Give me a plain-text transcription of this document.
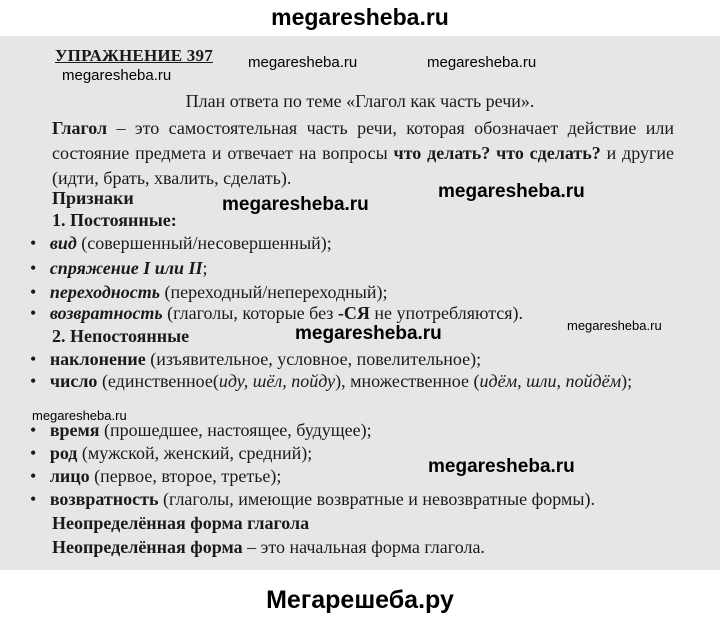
megaresheba.ru
УПРАЖНЕНИЕ 397 megaresheba.ru	megaresheba.ru
megaresheba.ru
План ответа по теме «Глагол как часть речи».
Глагол – это самостоятельная часть речи, которая обозначает действие или состояние предмета и отвечает на вопросы что делать? что сделать? и другие (идти, брать, хвалить, сделать).
Признаки	megaresheba.ru
megaresheba.ru
1. Постоянные:
•   вид (совершенный/несовершенный);
•   спряжение I или II;
•   переходность (переходный/непереходный);
•   возвратность (глаголы, которые без -СЯ не употребляются).
megaresheba.ru
2. Непостоянные	megaresheba.ru
•   наклонение (изъявительное, условное, повелительное);
•   число (единственное(иду, шёл, пойду), множественное (идём, шли, пойдём);
megaresheba.ru
•   время (прошедшее, настоящее, будущее);
•   род (мужской, женский, средний);
megaresheba.ru
•   лицо (первое, второе, третье);
•   возвратность (глаголы, имеющие возвратные и невозвратные формы).
Неопределённая форма глагола
Неопределённая форма – это начальная форма глагола.
Мегарешеба.ру
